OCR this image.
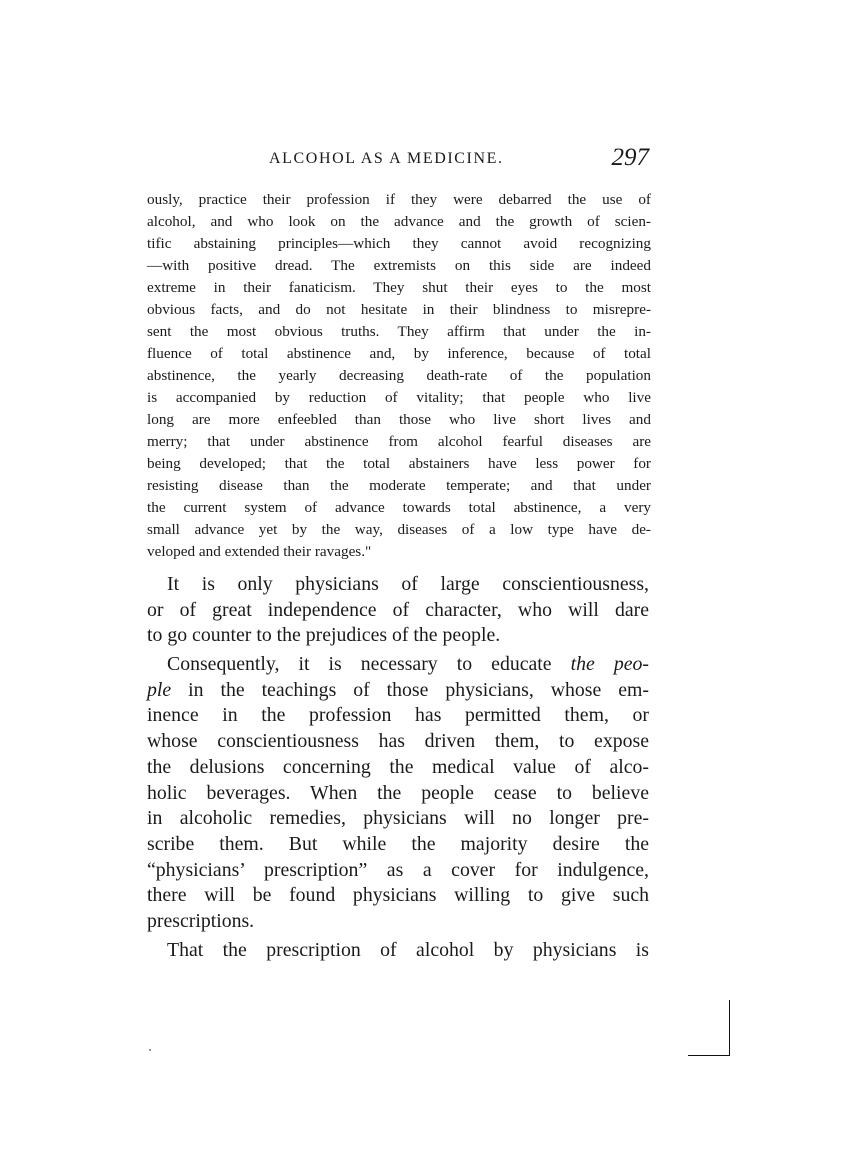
ALCOHOL AS A MEDICINE.	297
ously, practice their profession if they were debarred the use of
alcohol, and who look on the advance and the growth of scien-
tific abstaining principles—which they cannot avoid recognizing
—with positive dread. The extremists on this side are indeed
extreme in their fanaticism. They shut their eyes to the most
obvious facts, and do not hesitate in their blindness to misrepre-
sent the most obvious truths. They affirm that under the in-
fluence of total abstinence and, by inference, because of total
abstinence, the yearly decreasing death-rate of the population
is accompanied by reduction of vitality; that people who live
long are more enfeebled than those who live short lives and
merry; that under abstinence from alcohol fearful diseases are
being developed; that the total abstainers have less power for
resisting disease than the moderate temperate; and that under
the current system of advance towards total abstinence, a very
small advance yet by the way, diseases of a low type have de-
veloped and extended their ravages."
It is only physicians of large conscientiousness,
or of great independence of character, who will dare
to go counter to the prejudices of the people.
Consequently, it is necessary to educate the peo-
ple in the teachings of those physicians, whose em-
inence in the profession has permitted them, or
whose conscientiousness has driven them, to expose
the delusions concerning the medical value of alco-
holic beverages. When the people cease to believe
in alcoholic remedies, physicians will no longer pre-
scribe them. But while the majority desire the
“physicians’ prescription” as a cover for indulgence,
there will be found physicians willing to give such
prescriptions.
That the prescription of alcohol by physicians is
